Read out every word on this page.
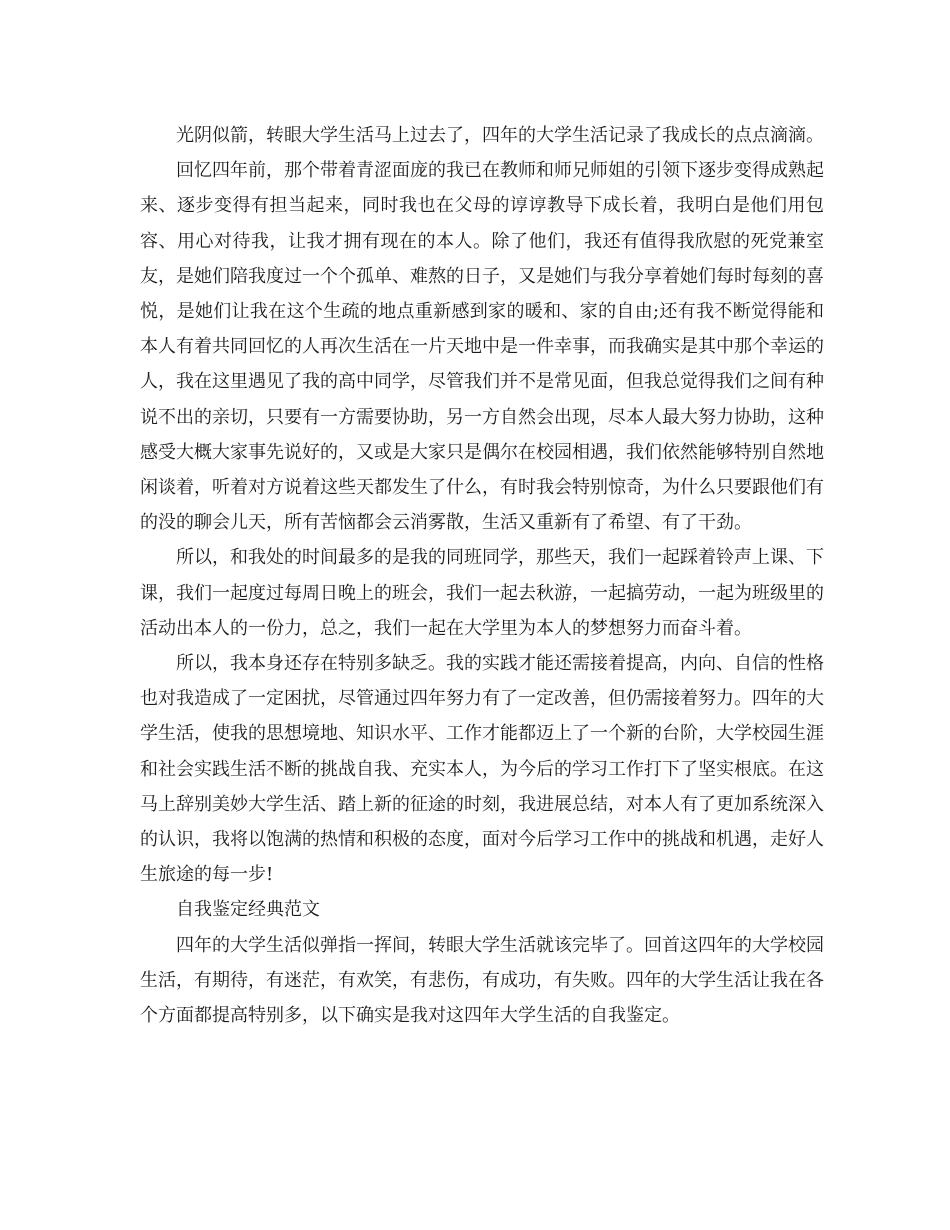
光阴似箭，转眼大学生活马上过去了，四年的大学生活记录了我成长的点点滴滴。

回忆四年前，那个带着青涩面庞的我已在教师和师兄师姐的引领下逐步变得成熟起来、逐步变得有担当起来，同时我也在父母的谆谆教导下成长着，我明白是他们用包容、用心对待我，让我才拥有现在的本人。除了他们，我还有值得我欣慰的死党兼室友，是她们陪我度过一个个孤单、难熬的日子，又是她们与我分享着她们每时每刻的喜悦，是她们让我在这个生疏的地点重新感到家的暖和、家的自由;还有我不断觉得能和本人有着共同回忆的人再次生活在一片天地中是一件幸事，而我确实是其中那个幸运的人，我在这里遇见了我的高中同学，尽管我们并不是常见面，但我总觉得我们之间有种说不出的亲切，只要有一方需要协助，另一方自然会出现，尽本人最大努力协助，这种感受大概大家事先说好的，又或是大家只是偶尔在校园相遇，我们依然能够特别自然地闲谈着，听着对方说着这些天都发生了什么，有时我会特别惊奇，为什么只要跟他们有的没的聊会儿天，所有苦恼都会云消雾散，生活又重新有了希望、有了干劲。

所以，和我处的时间最多的是我的同班同学，那些天，我们一起踩着铃声上课、下课，我们一起度过每周日晚上的班会，我们一起去秋游，一起搞劳动，一起为班级里的活动出本人的一份力，总之，我们一起在大学里为本人的梦想努力而奋斗着。

所以，我本身还存在特别多缺乏。我的实践才能还需接着提高，内向、自信的性格也对我造成了一定困扰，尽管通过四年努力有了一定改善，但仍需接着努力。四年的大学生活，使我的思想境地、知识水平、工作才能都迈上了一个新的台阶，大学校园生涯和社会实践生活不断的挑战自我、充实本人，为今后的学习工作打下了坚实根底。在这马上辞别美妙大学生活、踏上新的征途的时刻，我进展总结，对本人有了更加系统深入的认识，我将以饱满的热情和积极的态度，面对今后学习工作中的挑战和机遇，走好人生旅途的每一步!

自我鉴定经典范文

四年的大学生活似弹指一挥间，转眼大学生活就该完毕了。回首这四年的大学校园生活，有期待，有迷茫，有欢笑，有悲伤，有成功，有失败。四年的大学生活让我在各个方面都提高特别多，以下确实是我对这四年大学生活的自我鉴定。
